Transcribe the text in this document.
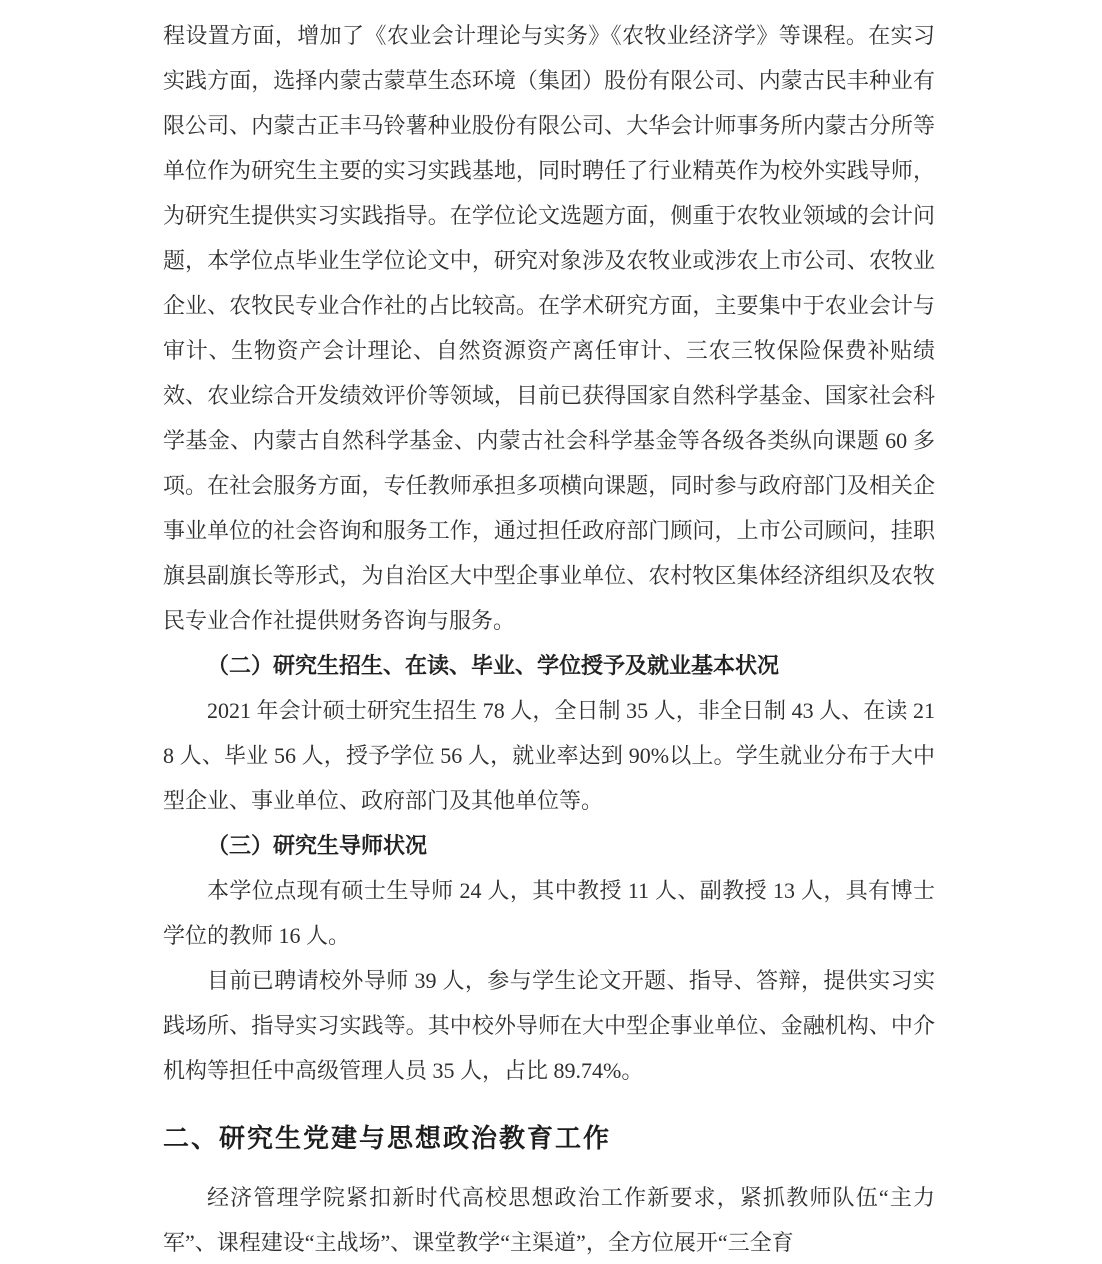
程设置方面，增加了《农业会计理论与实务》《农牧业经济学》等课程。在实习实践方面，选择内蒙古蒙草生态环境（集团）股份有限公司、内蒙古民丰种业有限公司、内蒙古正丰马铃薯种业股份有限公司、大华会计师事务所内蒙古分所等单位作为研究生主要的实习实践基地，同时聘任了行业精英作为校外实践导师，为研究生提供实习实践指导。在学位论文选题方面，侧重于农牧业领域的会计问题，本学位点毕业生学位论文中，研究对象涉及农牧业或涉农上市公司、农牧业企业、农牧民专业合作社的占比较高。在学术研究方面，主要集中于农业会计与审计、生物资产会计理论、自然资源资产离任审计、三农三牧保险保费补贴绩效、农业综合开发绩效评价等领域，目前已获得国家自然科学基金、国家社会科学基金、内蒙古自然科学基金、内蒙古社会科学基金等各级各类纵向课题 60 多项。在社会服务方面，专任教师承担多项横向课题，同时参与政府部门及相关企事业单位的社会咨询和服务工作，通过担任政府部门顾问，上市公司顾问，挂职旗县副旗长等形式，为自治区大中型企事业单位、农村牧区集体经济组织及农牧民专业合作社提供财务咨询与服务。

（二）研究生招生、在读、毕业、学位授予及就业基本状况

2021 年会计硕士研究生招生 78 人，全日制 35 人，非全日制 43 人、在读 218 人、毕业 56 人，授予学位 56 人，就业率达到 90%以上。学生就业分布于大中型企业、事业单位、政府部门及其他单位等。

（三）研究生导师状况

本学位点现有硕士生导师 24 人，其中教授 11 人、副教授 13 人，具有博士学位的教师 16 人。

目前已聘请校外导师 39 人，参与学生论文开题、指导、答辩，提供实习实践场所、指导实习实践等。其中校外导师在大中型企事业单位、金融机构、中介机构等担任中高级管理人员 35 人，占比 89.74%。

二、研究生党建与思想政治教育工作

经济管理学院紧扣新时代高校思想政治工作新要求，紧抓教师队伍“主力军”、课程建设“主战场”、课堂教学“主渠道”，全方位展开“三全育
